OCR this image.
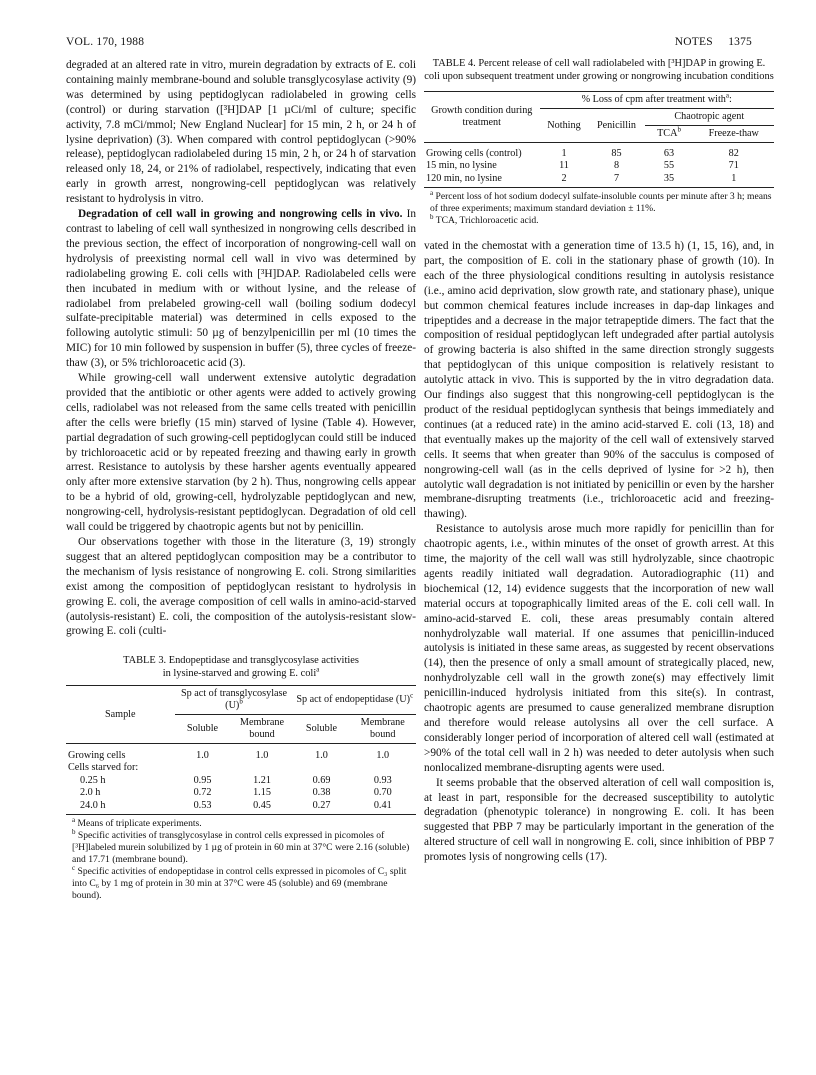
VOL. 170, 1988	NOTES     1375

degraded at an altered rate in vitro, murein degradation by extracts of E. coli containing mainly membrane-bound and soluble transglycosylase activity (9) was determined by using peptidoglycan radiolabeled in growing cells (control) or during starvation ([³H]DAP [1 µCi/ml of culture; specific activity, 7.8 mCi/mmol; New England Nuclear] for 15 min, 2 h, or 24 h of lysine deprivation) (3). When compared with control peptidoglycan (>90% release), peptidoglycan radiolabeled during 15 min, 2 h, or 24 h of starvation released only 18, 24, or 21% of radiolabel, respectively, indicating that even early in growth arrest, nongrowing-cell peptidoglycan was relatively resistant to hydrolysis in vitro.

Degradation of cell wall in growing and nongrowing cells in vivo. In contrast to labeling of cell wall synthesized in nongrowing cells described in the previous section, the effect of incorporation of nongrowing-cell wall on hydrolysis of preexisting normal cell wall in vivo was determined by radiolabeling growing E. coli cells with [³H]DAP. Radiolabeled cells were then incubated in medium with or without lysine, and the release of radiolabel from prelabeled growing-cell wall (boiling sodium dodecyl sulfate-precipitable material) was determined in cells exposed to the following autolytic stimuli: 50 µg of benzylpenicillin per ml (10 times the MIC) for 10 min followed by suspension in buffer (5), three cycles of freeze-thaw (3), or 5% trichloroacetic acid (3).

While growing-cell wall underwent extensive autolytic degradation provided that the antibiotic or other agents were added to actively growing cells, radiolabel was not released from the same cells treated with penicillin after the cells were briefly (15 min) starved of lysine (Table 4). However, partial degradation of such growing-cell peptidoglycan could still be induced by trichloroacetic acid or by repeated freezing and thawing early in growth arrest. Resistance to autolysis by these harsher agents eventually appeared only after more extensive starvation (by 2 h). Thus, nongrowing cells appear to be a hybrid of old, growing-cell, hydrolyzable peptidoglycan and new, nongrowing-cell, hydrolysis-resistant peptidoglycan. Degradation of old cell wall could be triggered by chaotropic agents but not by penicillin.

Our observations together with those in the literature (3, 19) strongly suggest that an altered peptidoglycan composition may be a contributor to the mechanism of lysis resistance of nongrowing E. coli. Strong similarities exist among the composition of peptidoglycan resistant to hydrolysis in growing E. coli, the average composition of cell walls in amino-acid-starved (autolysis-resistant) E. coli, the composition of the autolysis-resistant slow-growing E. coli (culti-

TABLE 3. Endopeptidase and transglycosylase activities
in lysine-starved and growing E. coli$^a$
Sample	Sp act of transglycosylase $(U)^b$		Sp act of endopeptidase $(U)^c$
	Soluble	Membrane bound	Soluble	Membrane bound

Growing cells	1.0	1.0	1.0	1.0
Cells starved for:				
0.25 h	0.95	1.21	0.69	0.93
2.0 h	0.72	1.15	0.38	0.70
24.0 h	0.53	0.45	0.27	0.41
$^a$ Means of triplicate experiments.
$^b$ Specific activities of transglycosylase in control cells expressed in picomoles of [³H]labeled murein solubilized by 1 µg of protein in 60 min at 37°C were 2.16 (soluble) and 17.71 (membrane bound).
$^c$ Specific activities of endopeptidase in control cells expressed in picomoles of C₃ split into C₆ by 1 mg of protein in 30 min at 37°C were 45 (soluble) and 69 (membrane bound).
TABLE 4. Percent release of cell wall radiolabeled with [³H]DAP in growing E. coli upon subsequent treatment under growing or nongrowing incubation conditions
Growth condition during treatment	% Loss of cpm after treatment with$^a$:			
	Nothing	Penicillin	Chaotropic agent	
			TCA$^b$	Freeze-thaw

Growing cells (control)	1	85	63	82
15 min, no lysine	11	8	55	71
120 min, no lysine	2	7	35	1
$^a$ Percent loss of hot sodium dodecyl sulfate-insoluble counts per minute after 3 h; means of three experiments; maximum standard deviation ± 11%.
$^b$ TCA, Trichloroacetic acid.

vated in the chemostat with a generation time of 13.5 h) (1, 15, 16), and, in part, the composition of E. coli in the stationary phase of growth (10). In each of the three physiological conditions resulting in autolysis resistance (i.e., amino acid deprivation, slow growth rate, and stationary phase), unique but common chemical features include increases in dap-dap linkages and tripeptides and a decrease in the major tetrapeptide dimers. The fact that the composition of residual peptidoglycan left undegraded after partial autolysis of growing bacteria is also shifted in the same direction strongly suggests that peptidoglycan of this unique composition is relatively resistant to autolytic attack in vivo. This is supported by the in vitro degradation data. Our findings also suggest that this nongrowing-cell peptidoglycan is the product of the residual peptidoglycan synthesis that beings immediately and continues (at a reduced rate) in the amino acid-starved E. coli (13, 18) and that eventually makes up the majority of the cell wall of extensively starved cells. It seems that when greater than 90% of the sacculus is composed of nongrowing-cell wall (as in the cells deprived of lysine for >2 h), then autolytic wall degradation is not initiated by penicillin or even by the harsher membrane-disrupting treatments (i.e., trichloroacetic acid and freezing-thawing).

Resistance to autolysis arose much more rapidly for penicillin than for chaotropic agents, i.e., within minutes of the onset of growth arrest. At this time, the majority of the cell wall was still hydrolyzable, since chaotropic agents readily initiated wall degradation. Autoradiographic (11) and biochemical (12, 14) evidence suggests that the incorporation of new wall material occurs at topographically limited areas of the E. coli cell wall. In amino-acid-starved E. coli, these areas presumably contain altered nonhydrolyzable wall material. If one assumes that penicillin-induced autolysis is initiated in these same areas, as suggested by recent observations (14), then the presence of only a small amount of strategically placed, new, nonhydrolyzable cell wall in the growth zone(s) may effectively limit penicillin-induced hydrolysis initiated from this site(s). In contrast, chaotropic agents are presumed to cause generalized membrane disruption and therefore would release autolysins all over the cell surface. A considerably longer period of incorporation of altered cell wall (estimated at >90% of the total cell wall in 2 h) was needed to deter autolysis when such nonlocalized membrane-disrupting agents were used.

It seems probable that the observed alteration of cell wall composition is, at least in part, responsible for the decreased susceptibility to autolytic degradation (phenotypic tolerance) in nongrowing E. coli. It has been suggested that PBP 7 may be particularly important in the generation of the altered structure of cell wall in nongrowing E. coli, since inhibition of PBP 7 promotes lysis of nongrowing cells (17).
